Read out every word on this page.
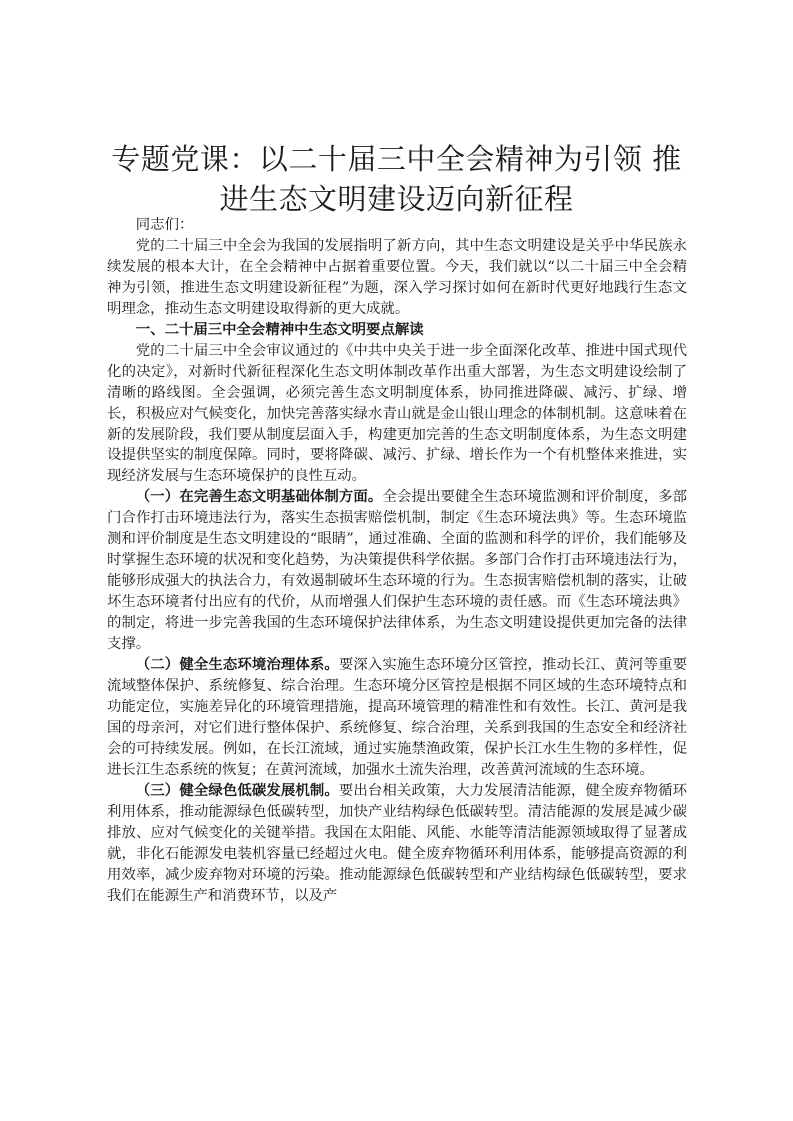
专题党课：以二十届三中全会精神为引领 推进生态文明建设迈向新征程

同志们：

党的二十届三中全会为我国的发展指明了新方向，其中生态文明建设是关乎中华民族永续发展的根本大计，在全会精神中占据着重要位置。今天，我们就以“以二十届三中全会精神为引领，推进生态文明建设新征程”为题，深入学习探讨如何在新时代更好地践行生态文明理念，推动生态文明建设取得新的更大成就。

一、二十届三中全会精神中生态文明要点解读

党的二十届三中全会审议通过的《中共中央关于进一步全面深化改革、推进中国式现代化的决定》，对新时代新征程深化生态文明体制改革作出重大部署，为生态文明建设绘制了清晰的路线图。全会强调，必须完善生态文明制度体系，协同推进降碳、减污、扩绿、增长，积极应对气候变化，加快完善落实绿水青山就是金山银山理念的体制机制。这意味着在新的发展阶段，我们要从制度层面入手，构建更加完善的生态文明制度体系，为生态文明建设提供坚实的制度保障。同时，要将降碳、减污、扩绿、增长作为一个有机整体来推进，实现经济发展与生态环境保护的良性互动。

（一）在完善生态文明基础体制方面。全会提出要健全生态环境监测和评价制度，多部门合作打击环境违法行为，落实生态损害赔偿机制，制定《生态环境法典》等。生态环境监测和评价制度是生态文明建设的“眼睛”，通过准确、全面的监测和科学的评价，我们能够及时掌握生态环境的状况和变化趋势，为决策提供科学依据。多部门合作打击环境违法行为，能够形成强大的执法合力，有效遏制破坏生态环境的行为。生态损害赔偿机制的落实，让破坏生态环境者付出应有的代价，从而增强人们保护生态环境的责任感。而《生态环境法典》的制定，将进一步完善我国的生态环境保护法律体系，为生态文明建设提供更加完备的法律支撑。

（二）健全生态环境治理体系。要深入实施生态环境分区管控，推动长江、黄河等重要流域整体保护、系统修复、综合治理。生态环境分区管控是根据不同区域的生态环境特点和功能定位，实施差异化的环境管理措施，提高环境管理的精准性和有效性。长江、黄河是我国的母亲河，对它们进行整体保护、系统修复、综合治理，关系到我国的生态安全和经济社会的可持续发展。例如，在长江流域，通过实施禁渔政策，保护长江水生生物的多样性，促进长江生态系统的恢复；在黄河流域，加强水土流失治理，改善黄河流域的生态环境。

（三）健全绿色低碳发展机制。要出台相关政策，大力发展清洁能源，健全废弃物循环利用体系，推动能源绿色低碳转型，加快产业结构绿色低碳转型。清洁能源的发展是减少碳排放、应对气候变化的关键举措。我国在太阳能、风能、水能等清洁能源领域取得了显著成就，非化石能源发电装机容量已经超过火电。健全废弃物循环利用体系，能够提高资源的利用效率，减少废弃物对环境的污染。推动能源绿色低碳转型和产业结构绿色低碳转型，要求我们在能源生产和消费环节，以及产
